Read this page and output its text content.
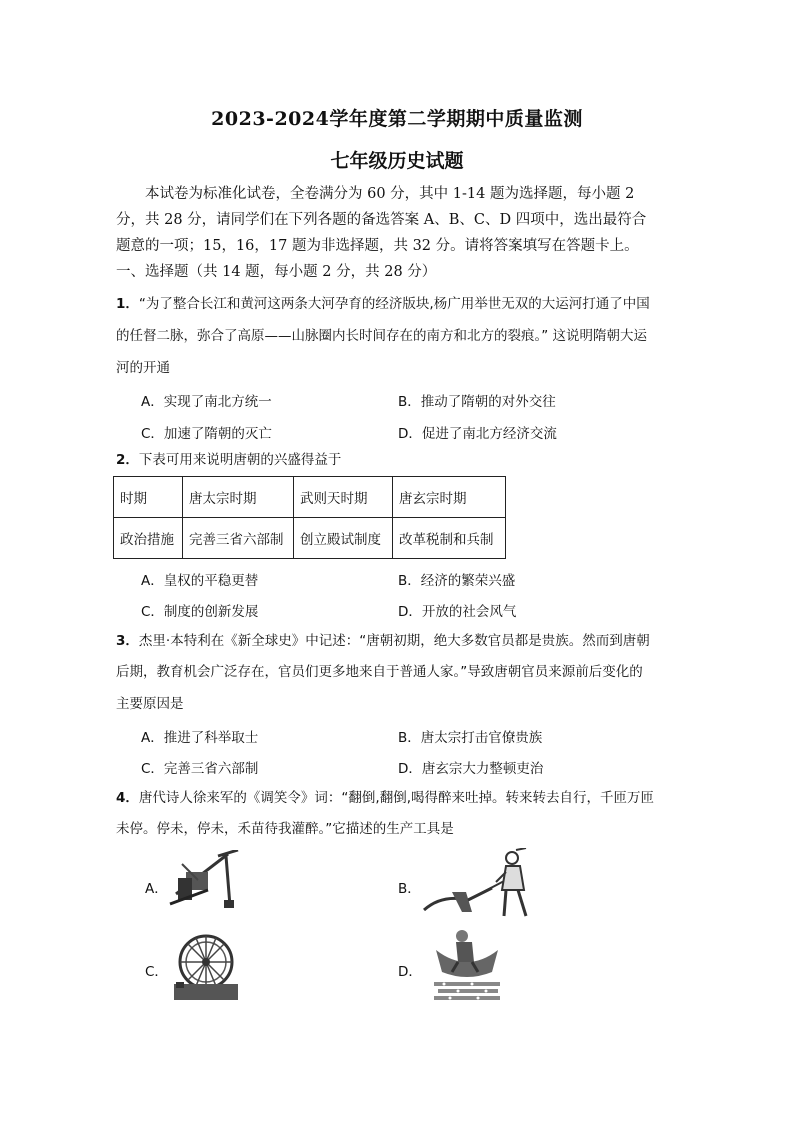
2023-2024学年度第二学期期中质量监测
七年级历史试题
本试卷为标准化试卷，全卷满分为 60 分，其中 1-14 题为选择题，每小题 2
分，共 28 分，请同学们在下列各题的备选答案 A、B、C、D 四项中，选出最符合
题意的一项；15，16，17 题为非选择题，共 32 分。请将答案填写在答题卡上。
一、选择题（共 14 题，每小题 2 分，共 28 分）
1．“为了整合长江和黄河这两条大河孕育的经济版块,杨广用举世无双的大运河打通了中国
的任督二脉，弥合了高原——山脉圈内长时间存在的南方和北方的裂痕。” 这说明隋朝大运
河的开通
A．实现了南北方统一	B．推动了隋朝的对外交往
C．加速了隋朝的灭亡	D．促进了南北方经济交流
2．下表可用来说明唐朝的兴盛得益于
时期	唐太宗时期	武则天时期	唐玄宗时期
政治措施	完善三省六部制	创立殿试制度	改革税制和兵制
A．皇权的平稳更替	B．经济的繁荣兴盛
C．制度的创新发展	D．开放的社会风气
3．杰里·本特利在《新全球史》中记述：“唐朝初期，绝大多数官员都是贵族。然而到唐朝
后期，教育机会广泛存在，官员们更多地来自于普通人家。”导致唐朝官员来源前后变化的
主要原因是
A．推进了科举取士	B．唐太宗打击官僚贵族
C．完善三省六部制	D．唐玄宗大力整顿吏治
4．唐代诗人徐来军的《调笑令》词：“翻倒,翻倒,喝得醉来吐掉。转来转去自行，千匝万匝
未停。停未，停未，禾苗待我灌醉。”它描述的生产工具是
A．	B．
C．	D．
